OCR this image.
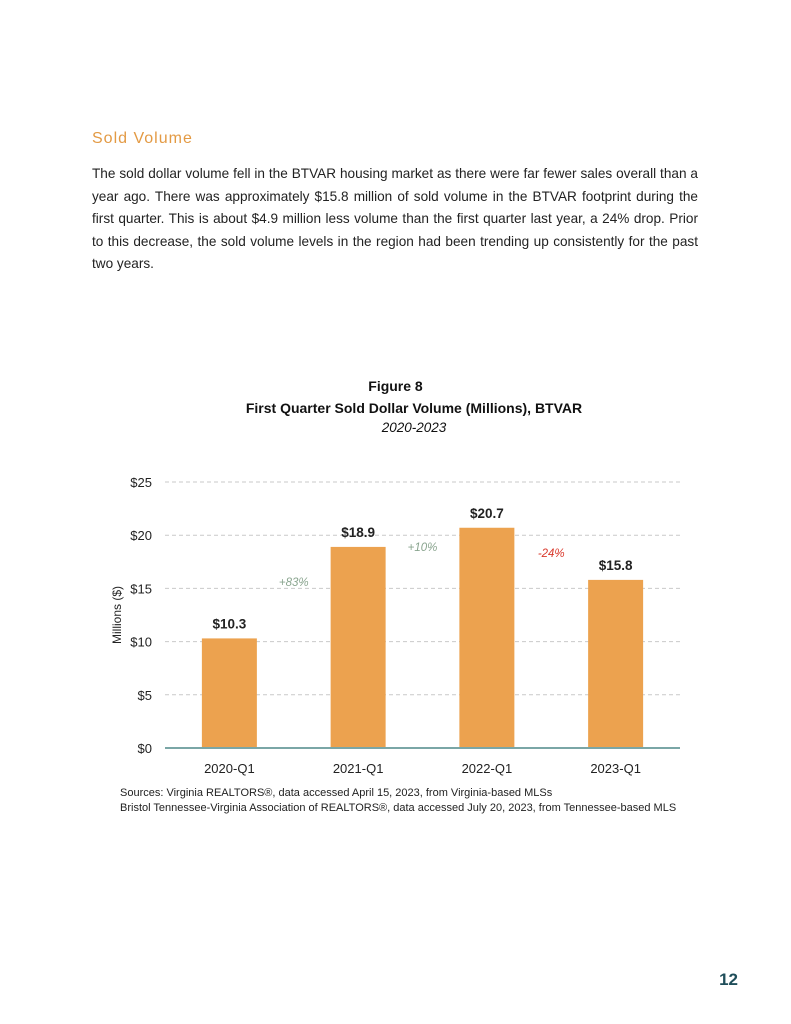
Sold Volume
The sold dollar volume fell in the BTVAR housing market as there were far fewer sales overall than a year ago. There was approximately $15.8 million of sold volume in the BTVAR footprint during the first quarter. This is about $4.9 million less volume than the first quarter last year, a 24% drop. Prior to this decrease, the sold volume levels in the region had been trending up consistently for the past two years.
Figure 8
First Quarter Sold Dollar Volume (Millions), BTVAR
2020-2023
$0
$5
$10
$15
$20
$25
Millions ($)	$10.3
2020-Q1
$18.9
2021-Q1
$20.7
2022-Q1
$15.8
2023-Q1
+83%
+10%	-24%
Sources: Virginia REALTORS®, data accessed April 15, 2023, from Virginia-based MLSs
Bristol Tennessee-Virginia Association of REALTORS®, data accessed July 20, 2023, from Tennessee-based MLS
12
